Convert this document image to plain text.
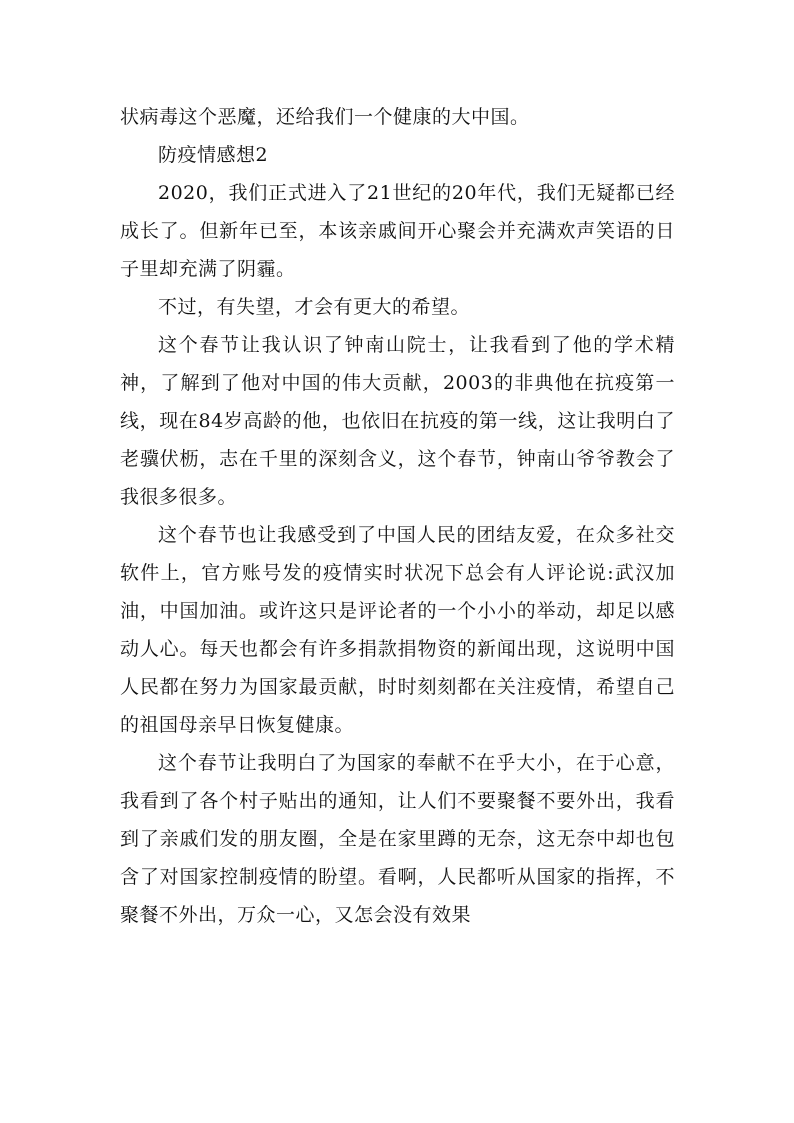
状病毒这个恶魔，还给我们一个健康的大中国。

防疫情感想2

2020，我们正式进入了21世纪的20年代，我们无疑都已经成长了。但新年已至，本该亲戚间开心聚会并充满欢声笑语的日子里却充满了阴霾。

不过，有失望，才会有更大的希望。

这个春节让我认识了钟南山院士，让我看到了他的学术精神，了解到了他对中国的伟大贡献，2003的非典他在抗疫第一线，现在84岁高龄的他，也依旧在抗疫的第一线，这让我明白了老骥伏枥，志在千里的深刻含义，这个春节，钟南山爷爷教会了我很多很多。

这个春节也让我感受到了中国人民的团结友爱，在众多社交软件上，官方账号发的疫情实时状况下总会有人评论说:武汉加油，中国加油。或许这只是评论者的一个小小的举动，却足以感动人心。每天也都会有许多捐款捐物资的新闻出现，这说明中国人民都在努力为国家最贡献，时时刻刻都在关注疫情，希望自己的祖国母亲早日恢复健康。

这个春节让我明白了为国家的奉献不在乎大小，在于心意，我看到了各个村子贴出的通知，让人们不要聚餐不要外出，我看到了亲戚们发的朋友圈，全是在家里蹲的无奈，这无奈中却也包含了对国家控制疫情的盼望。看啊，人民都听从国家的指挥，不聚餐不外出，万众一心，又怎会没有效果
